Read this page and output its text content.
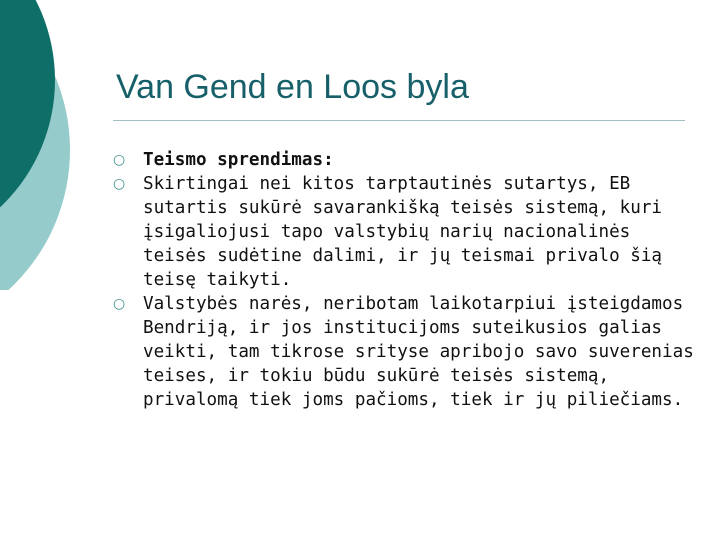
Van Gend en Loos byla
○ Teismo sprendimas:
○ Skirtingai nei kitos tarptautinės sutartys, EB sutartis sukūrė savarankišką teisės sistemą, kuri įsigaliojusi tapo valstybių narių nacionalinės teisės sudėtine dalimi, ir jų teismai privalo šią teisę taikyti.
○ Valstybės narės, neribotam laikotarpiui įsteigdamos Bendriją, ir jos institucijoms suteikusios galias veikti, tam tikrose srityse apribojo savo suverenias teises, ir tokiu būdu sukūrė teisės sistemą, privalomą tiek joms pačioms, tiek ir jų piliečiams.
